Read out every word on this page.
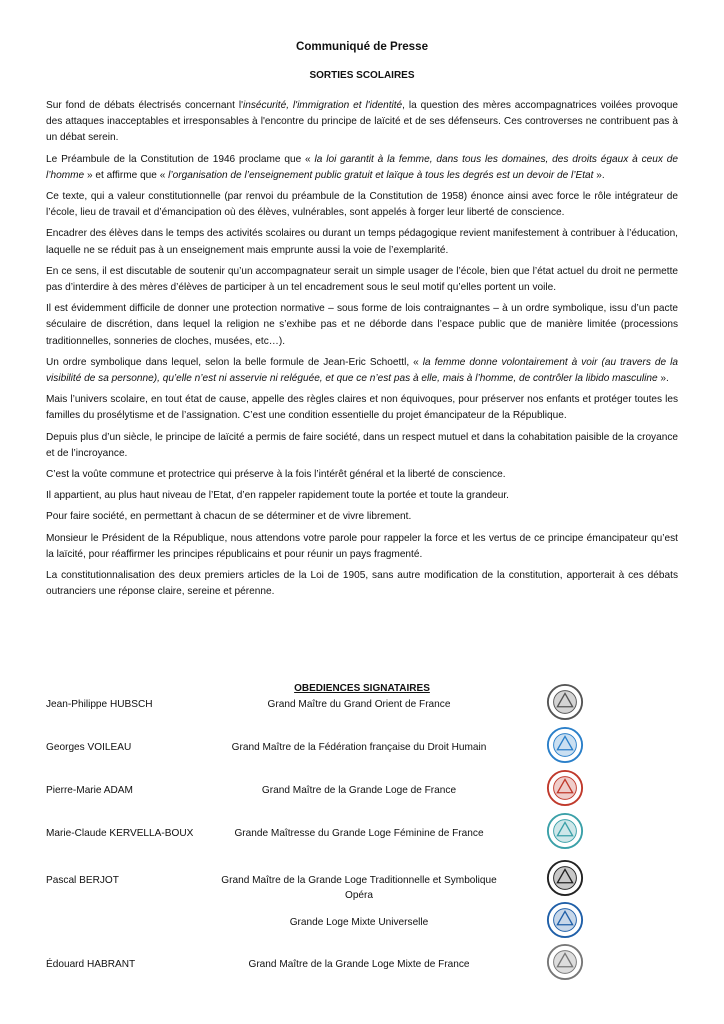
Communiqué de Presse
SORTIES SCOLAIRES

Sur fond de débats électrisés concernant l'insécurité, l'immigration et l'identité, la question des mères accompagnatrices voilées provoque des attaques inacceptables et irresponsables à l'encontre du principe de laïcité et de ses défenseurs. Ces controverses ne contribuent pas à un débat serein.

Le Préambule de la Constitution de 1946 proclame que « la loi garantit à la femme, dans tous les domaines, des droits égaux à ceux de l’homme » et affirme que « l’organisation de l’enseignement public gratuit et laïque à tous les degrés est un devoir de l’Etat ».

Ce texte, qui a valeur constitutionnelle (par renvoi du préambule de la Constitution de 1958) énonce ainsi avec force le rôle intégrateur de l’école, lieu de travail et d’émancipation où des élèves, vulnérables, sont appelés à forger leur liberté de conscience.

Encadrer des élèves dans le temps des activités scolaires ou durant un temps pédagogique revient manifestement à contribuer à l’éducation, laquelle ne se réduit pas à un enseignement mais emprunte aussi la voie de l’exemplarité.

En ce sens, il est discutable de soutenir qu’un accompagnateur serait un simple usager de l’école, bien que l’état actuel du droit ne permette pas d’interdire à des mères d’élèves de participer à un tel encadrement sous le seul motif qu’elles portent un voile.

Il est évidemment difficile de donner une protection normative – sous forme de lois contraignantes – à un ordre symbolique, issu d’un pacte séculaire de discrétion, dans lequel la religion ne s’exhibe pas et ne déborde dans l’espace public que de manière limitée (processions traditionnelles, sonneries de cloches, musées, etc…).

Un ordre symbolique dans lequel, selon la belle formule de Jean-Eric Schoettl, « la femme donne volontairement à voir (au travers de la visibilité de sa personne), qu’elle n’est ni asservie ni reléguée, et que ce n’est pas à elle, mais à l’homme, de contrôler la libido masculine ».

Mais l’univers scolaire, en tout état de cause, appelle des règles claires et non équivoques, pour préserver nos enfants et protéger toutes les familles du prosélytisme et de l’assignation. C’est une condition essentielle du projet émancipateur de la République.

Depuis plus d’un siècle, le principe de laïcité a permis de faire société, dans un respect mutuel et dans la cohabitation paisible de la croyance et de l’incroyance.

C’est la voûte commune et protectrice qui préserve à la fois l’intérêt général et la liberté de conscience.

Il appartient, au plus haut niveau de l’Etat, d’en rappeler rapidement toute la portée et toute la grandeur.

Pour faire société, en permettant à chacun de se déterminer et de vivre librement.

Monsieur le Président de la République, nous attendons votre parole pour rappeler la force et les vertus de ce principe émancipateur qu’est la laïcité, pour réaffirmer les principes républicains et pour réunir un pays fragmenté.

La constitutionnalisation des deux premiers articles de la Loi de 1905, sans autre modification de la constitution, apporterait à ces débats outranciers une réponse claire, sereine et pérenne.

OBEDIENCES SIGNATAIRES
Jean-Philippe HUBSCH	Grand Maître du Grand Orient de France
Georges VOILEAU	Grand Maître de la Fédération française du Droit Humain
Pierre-Marie ADAM	Grand Maître de la Grande Loge de France
Marie-Claude KERVELLA-BOUX	Grande Maîtresse du Grande Loge Féminine de France
Pascal BERJOT	Grand Maître de la Grande Loge Traditionnelle et Symbolique Opéra
Grande Loge Mixte Universelle
Édouard HABRANT	Grand Maître de la Grande Loge Mixte de France
